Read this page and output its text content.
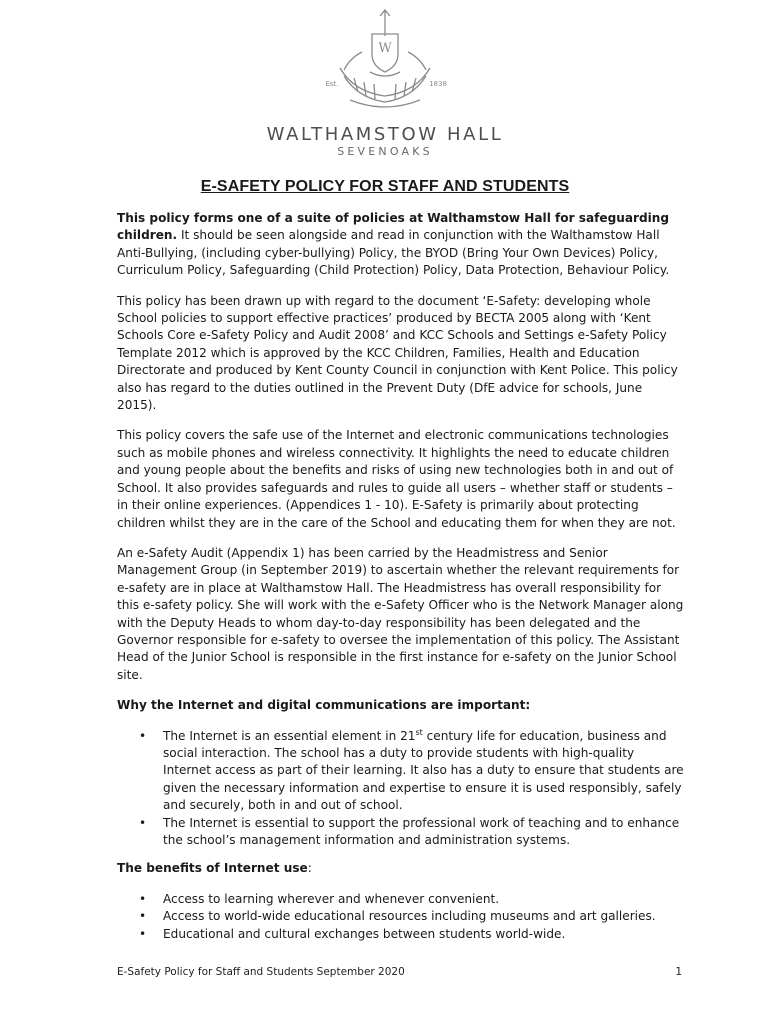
W
Est.	1838
WALTHAMSTOW HALL
SEVENOAKS
E-SAFETY POLICY FOR STAFF AND STUDENTS

This policy forms one of a suite of policies at Walthamstow Hall for safeguarding children. It should be seen alongside and read in conjunction with the Walthamstow Hall Anti-Bullying, (including cyber-bullying) Policy, the BYOD (Bring Your Own Devices) Policy, Curriculum Policy, Safeguarding (Child Protection) Policy, Data Protection, Behaviour Policy.

This policy has been drawn up with regard to the document ‘E-Safety: developing whole School policies to support effective practices’ produced by BECTA 2005 along with ‘Kent Schools Core e-Safety Policy and Audit 2008’ and KCC Schools and Settings e-Safety Policy Template 2012 which is approved by the KCC Children, Families, Health and Education Directorate and produced by Kent County Council in conjunction with Kent Police. This policy also has regard to the duties outlined in the Prevent Duty (DfE advice for schools, June 2015).

This policy covers the safe use of the Internet and electronic communications technologies such as mobile phones and wireless connectivity. It highlights the need to educate children and young people about the benefits and risks of using new technologies both in and out of School. It also provides safeguards and rules to guide all users – whether staff or students – in their online experiences. (Appendices 1 - 10). E-Safety is primarily about protecting children whilst they are in the care of the School and educating them for when they are not.

An e-Safety Audit (Appendix 1) has been carried by the Headmistress and Senior Management Group (in September 2019) to ascertain whether the relevant requirements for e-safety are in place at Walthamstow Hall. The Headmistress has overall responsibility for this e-safety policy. She will work with the e-Safety Officer who is the Network Manager along with the Deputy Heads to whom day-to-day responsibility has been delegated and the Governor responsible for e-safety to oversee the implementation of this policy. The Assistant Head of the Junior School is responsible in the first instance for e-safety on the Junior School site.

Why the Internet and digital communications are important:

• The Internet is an essential element in 21st century life for education, business and social interaction. The school has a duty to provide students with high-quality Internet access as part of their learning. It also has a duty to ensure that students are given the necessary information and expertise to ensure it is used responsibly, safely and securely, both in and out of school.
• The Internet is essential to support the professional work of teaching and to enhance the school’s management information and administration systems.

The benefits of Internet use:

• Access to learning wherever and whenever convenient.
• Access to world-wide educational resources including museums and art galleries.
• Educational and cultural exchanges between students world-wide.
E-Safety Policy for Staff and Students September 2020	1
